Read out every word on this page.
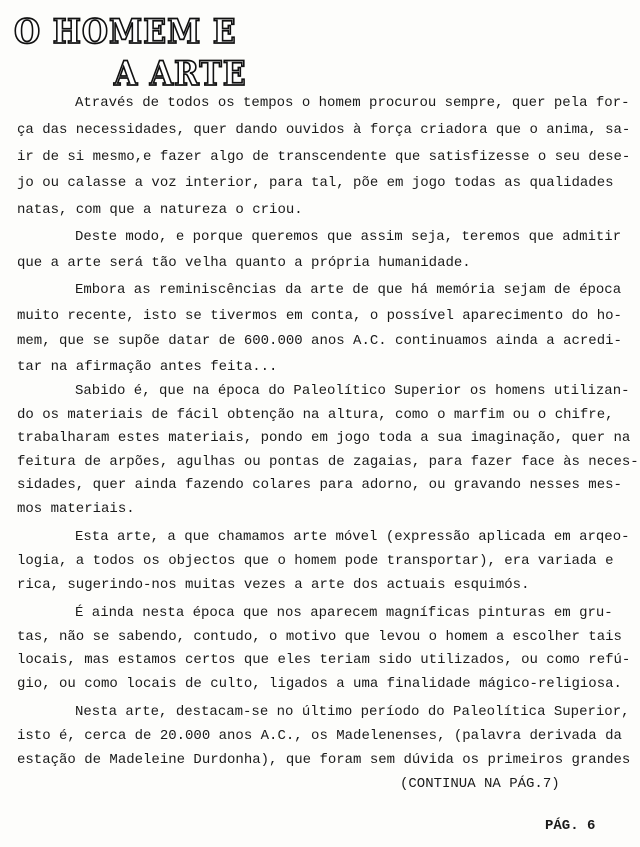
O HOMEM E
A ARTE
Através de todos os tempos o homem procurou sempre, quer pela for-
ça das necessidades, quer dando ouvidos à força criadora que o anima, sa-
ir de si mesmo,e fazer algo de transcendente que satisfizesse o seu dese-
jo ou calasse a voz interior, para tal, põe em jogo todas as qualidades
natas, com que a natureza o criou.
Deste modo, e porque queremos que assim seja, teremos que admitir
que a arte será tão velha quanto a própria humanidade.
Embora as reminiscências da arte de que há memória sejam de época
muito recente, isto se tivermos em conta, o possível aparecimento do ho-
mem, que se supõe datar de 600.000 anos A.C. continuamos ainda a acredi-
tar na afirmação antes feita...
Sabido é, que na época do Paleolítico Superior os homens utilizan-
do os materiais de fácil obtenção na altura, como o marfim ou o chifre,
trabalharam estes materiais, pondo em jogo toda a sua imaginação, quer na
feitura de arpões, agulhas ou pontas de zagaias, para fazer face às neces-
sidades, quer ainda fazendo colares para adorno, ou gravando nesses mes-
mos materiais.
Esta arte, a que chamamos arte móvel (expressão aplicada em arqeo-
logia, a todos os objectos que o homem pode transportar), era variada e
rica, sugerindo-nos muitas vezes a arte dos actuais esquimós.
É ainda nesta época que nos aparecem magníficas pinturas em gru-
tas, não se sabendo, contudo, o motivo que levou o homem a escolher tais
locais, mas estamos certos que eles teriam sido utilizados, ou como refú-
gio, ou como locais de culto, ligados a uma finalidade mágico-religiosa.
Nesta arte, destacam-se no último período do Paleolítica Superior,
isto é, cerca de 20.000 anos A.C., os Madelenenses, (palavra derivada da
estação de Madeleine Durdonha), que foram sem dúvida os primeiros grandes
(CONTINUA NA PÁG.7)
PÁG. 6
